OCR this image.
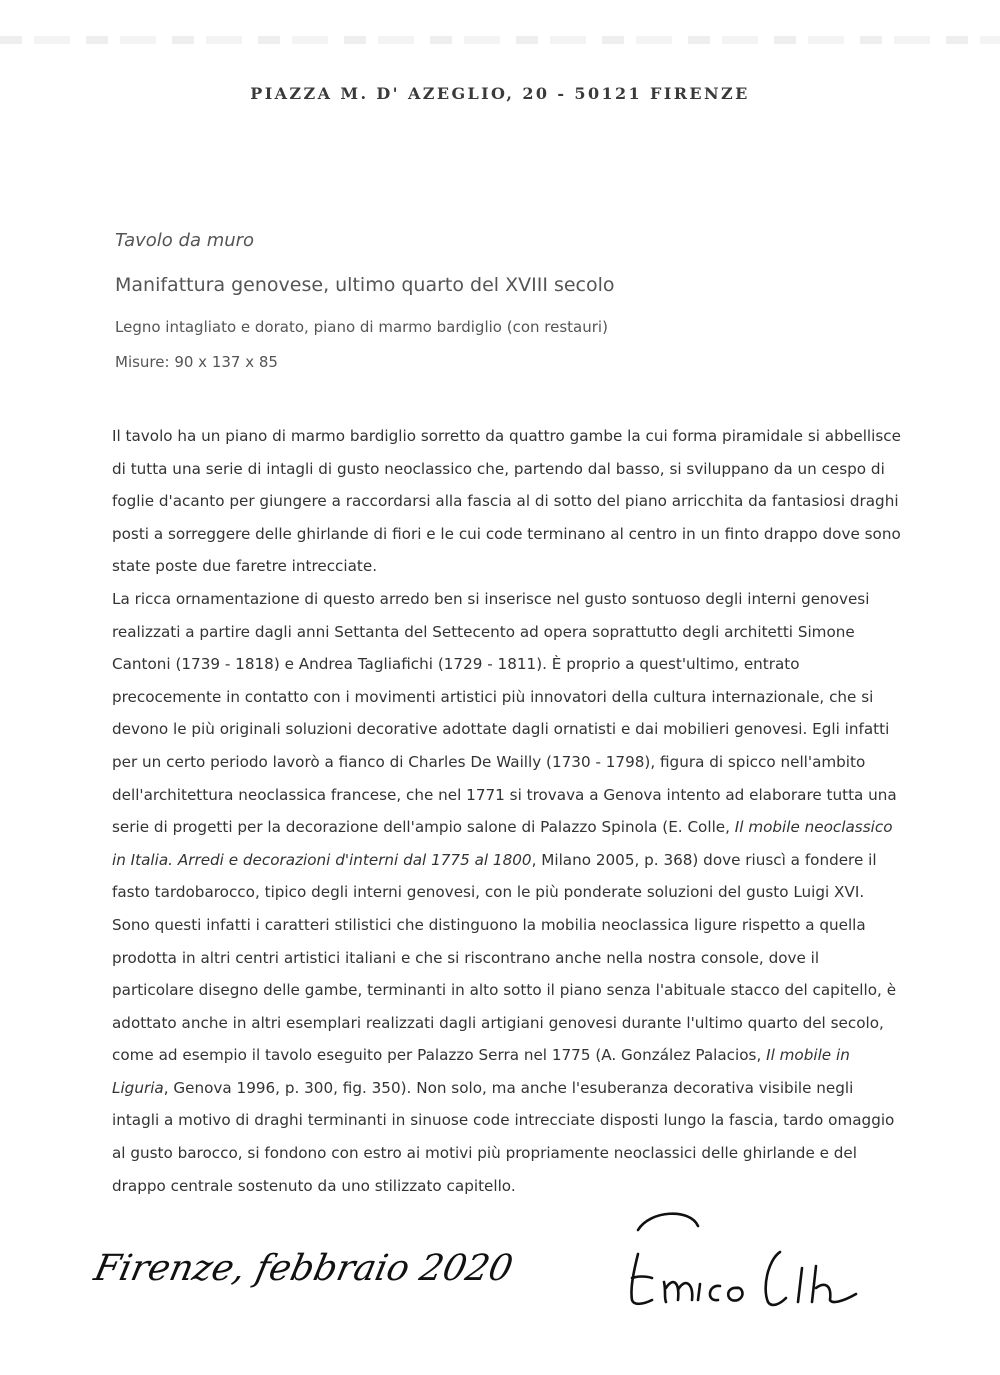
PIAZZA M. D' AZEGLIO, 20 - 50121 FIRENZE
Tavolo da muro
Manifattura genovese, ultimo quarto del XVIII secolo
Legno intagliato e dorato, piano di marmo bardiglio (con restauri)
Misure: 90 x 137 x 85

Il tavolo ha un piano di marmo bardiglio sorretto da quattro gambe la cui forma piramidale si abbellisce di tutta una serie di intagli di gusto neoclassico che, partendo dal basso, si sviluppano da un cespo di foglie d'acanto per giungere a raccordarsi alla fascia al di sotto del piano arricchita da fantasiosi draghi posti a sorreggere delle ghirlande di fiori e le cui code terminano al centro in un finto drappo dove sono state poste due faretre intrecciate.

La ricca ornamentazione di questo arredo ben si inserisce nel gusto sontuoso degli interni genovesi realizzati a partire dagli anni Settanta del Settecento ad opera soprattutto degli architetti Simone Cantoni (1739 - 1818) e Andrea Tagliafichi (1729 - 1811). È proprio a quest'ultimo, entrato precocemente in contatto con i movimenti artistici più innovatori della cultura internazionale, che si devono le più originali soluzioni decorative adottate dagli ornatisti e dai mobilieri genovesi. Egli infatti per un certo periodo lavorò a fianco di Charles De Wailly (1730 - 1798), figura di spicco nell'ambito dell'architettura neoclassica francese, che nel 1771 si trovava a Genova intento ad elaborare tutta una serie di progetti per la decorazione dell'ampio salone di Palazzo Spinola (E. Colle, Il mobile neoclassico in Italia. Arredi e decorazioni d'interni dal 1775 al 1800, Milano 2005, p. 368) dove riuscì a fondere il fasto tardobarocco, tipico degli interni genovesi, con le più ponderate soluzioni del gusto Luigi XVI.

Sono questi infatti i caratteri stilistici che distinguono la mobilia neoclassica ligure rispetto a quella prodotta in altri centri artistici italiani e che si riscontrano anche nella nostra console, dove il particolare disegno delle gambe, terminanti in alto sotto il piano senza l'abituale stacco del capitello, è adottato anche in altri esemplari realizzati dagli artigiani genovesi durante l'ultimo quarto del secolo, come ad esempio il tavolo eseguito per Palazzo Serra nel 1775 (A. González Palacios, Il mobile in Liguria, Genova 1996, p. 300, fig. 350). Non solo, ma anche l'esuberanza decorativa visibile negli intagli a motivo di draghi terminanti in sinuose code intrecciate disposti lungo la fascia, tardo omaggio al gusto barocco, si fondono con estro ai motivi più propriamente neoclassici delle ghirlande e del drappo centrale sostenuto da uno stilizzato capitello.

Firenze, febbraio 2020
